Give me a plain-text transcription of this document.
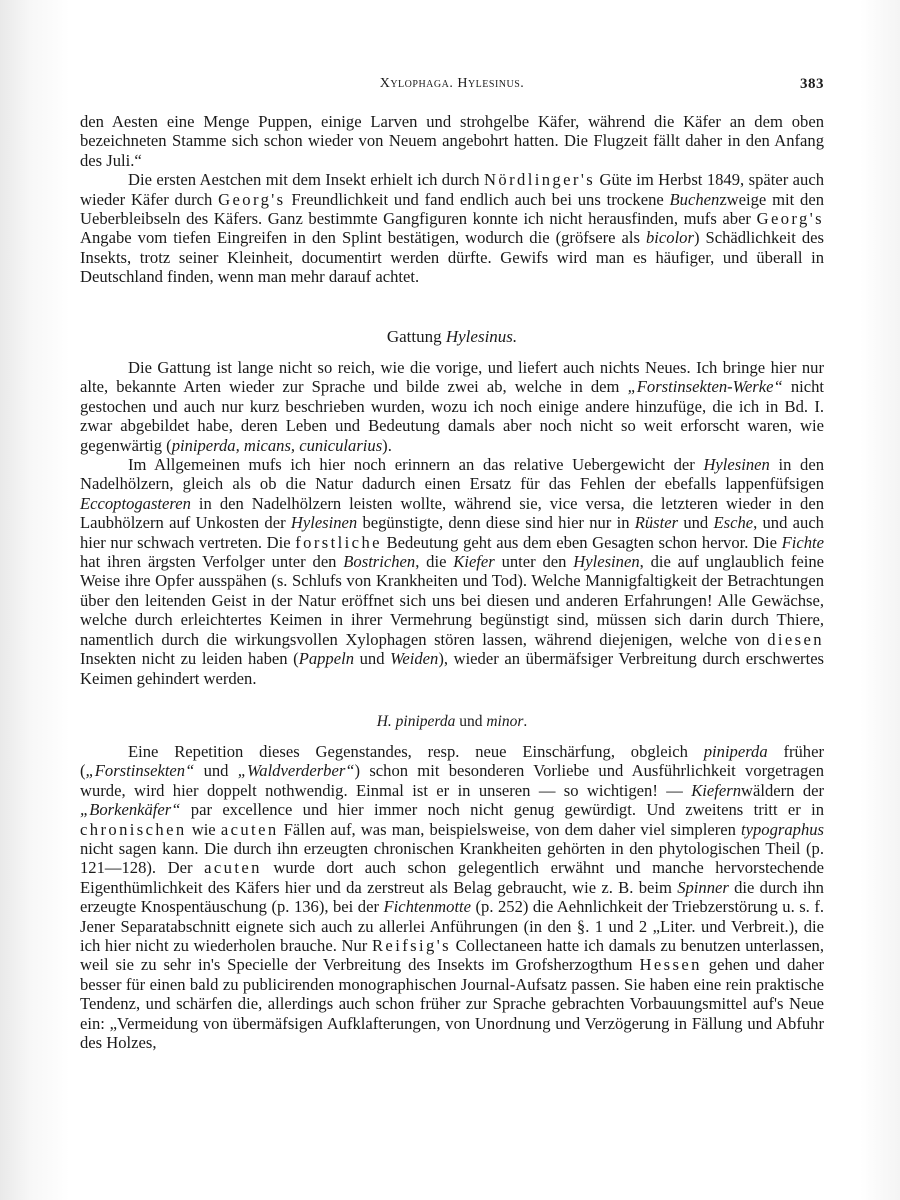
Xylophaga. Hylesinus.	383

den Aesten eine Menge Puppen, einige Larven und strohgelbe Käfer, während die Käfer an dem oben bezeichneten Stamme sich schon wieder von Neuem angebohrt hatten. Die Flugzeit fällt daher in den Anfang des Juli.“

Die ersten Aestchen mit dem Insekt erhielt ich durch Nördlinger's Güte im Herbst 1849, später auch wieder Käfer durch Georg's Freundlichkeit und fand endlich auch bei uns trockene Buchenzweige mit den Ueberbleibseln des Käfers. Ganz bestimmte Gangfiguren konnte ich nicht herausfinden, mufs aber Georg's Angabe vom tiefen Eingreifen in den Splint bestätigen, wodurch die (gröfsere als bicolor) Schädlichkeit des Insekts, trotz seiner Kleinheit, documentirt werden dürfte. Gewifs wird man es häufiger, und überall in Deutschland finden, wenn man mehr darauf achtet.

Gattung Hylesinus.

Die Gattung ist lange nicht so reich, wie die vorige, und liefert auch nichts Neues. Ich bringe hier nur alte, bekannte Arten wieder zur Sprache und bilde zwei ab, welche in dem „Forstinsekten-Werke“ nicht gestochen und auch nur kurz beschrieben wurden, wozu ich noch einige andere hinzufüge, die ich in Bd. I. zwar abgebildet habe, deren Leben und Bedeutung damals aber noch nicht so weit erforscht waren, wie gegenwärtig (piniperda, micans, cunicularius).

Im Allgemeinen mufs ich hier noch erinnern an das relative Uebergewicht der Hylesinen in den Nadelhölzern, gleich als ob die Natur dadurch einen Ersatz für das Fehlen der ebefalls lappenfüfsigen Eccoptogasteren in den Nadelhölzern leisten wollte, während sie, vice versa, die letzteren wieder in den Laubhölzern auf Unkosten der Hylesinen begünstigte, denn diese sind hier nur in Rüster und Esche, und auch hier nur schwach vertreten. Die forstliche Bedeutung geht aus dem eben Gesagten schon hervor. Die Fichte hat ihren ärgsten Verfolger unter den Bostrichen, die Kiefer unter den Hylesinen, die auf unglaublich feine Weise ihre Opfer ausspähen (s. Schlufs von Krankheiten und Tod). Welche Mannigfaltigkeit der Betrachtungen über den leitenden Geist in der Natur eröffnet sich uns bei diesen und anderen Erfahrungen! Alle Gewächse, welche durch erleichtertes Keimen in ihrer Vermehrung begünstigt sind, müssen sich darin durch Thiere, namentlich durch die wirkungsvollen Xylophagen stören lassen, während diejenigen, welche von diesen Insekten nicht zu leiden haben (Pappeln und Weiden), wieder an übermäfsiger Verbreitung durch erschwertes Keimen gehindert werden.

H. piniperda und minor.

Eine Repetition dieses Gegenstandes, resp. neue Einschärfung, obgleich piniperda früher („Forstinsekten“ und „Waldverderber“) schon mit besonderen Vorliebe und Ausführlichkeit vorgetragen wurde, wird hier doppelt nothwendig. Einmal ist er in unseren — so wichtigen! — Kiefernwäldern der „Borkenkäfer“ par excellence und hier immer noch nicht genug gewürdigt. Und zweitens tritt er in chronischen wie acuten Fällen auf, was man, beispielsweise, von dem daher viel simpleren typographus nicht sagen kann. Die durch ihn erzeugten chronischen Krankheiten gehörten in den phytologischen Theil (p. 121—128). Der acuten wurde dort auch schon gelegentlich erwähnt und manche hervorstechende Eigenthümlichkeit des Käfers hier und da zerstreut als Belag gebraucht, wie z. B. beim Spinner die durch ihn erzeugte Knospentäuschung (p. 136), bei der Fichtenmotte (p. 252) die Aehnlichkeit der Triebzerstörung u. s. f. Jener Separatabschnitt eignete sich auch zu allerlei Anführungen (in den §. 1 und 2 „Liter. und Verbreit.), die ich hier nicht zu wiederholen brauche. Nur Reifsig's Collectaneen hatte ich damals zu benutzen unterlassen, weil sie zu sehr in's Specielle der Verbreitung des Insekts im Grofsherzogthum Hessen gehen und daher besser für einen bald zu publicirenden monographischen Journal-Aufsatz passen. Sie haben eine rein praktische Tendenz, und schärfen die, allerdings auch schon früher zur Sprache gebrachten Vorbauungsmittel auf's Neue ein: „Vermeidung von übermäfsigen Aufklafterungen, von Unordnung und Verzögerung in Fällung und Abfuhr des Holzes,
